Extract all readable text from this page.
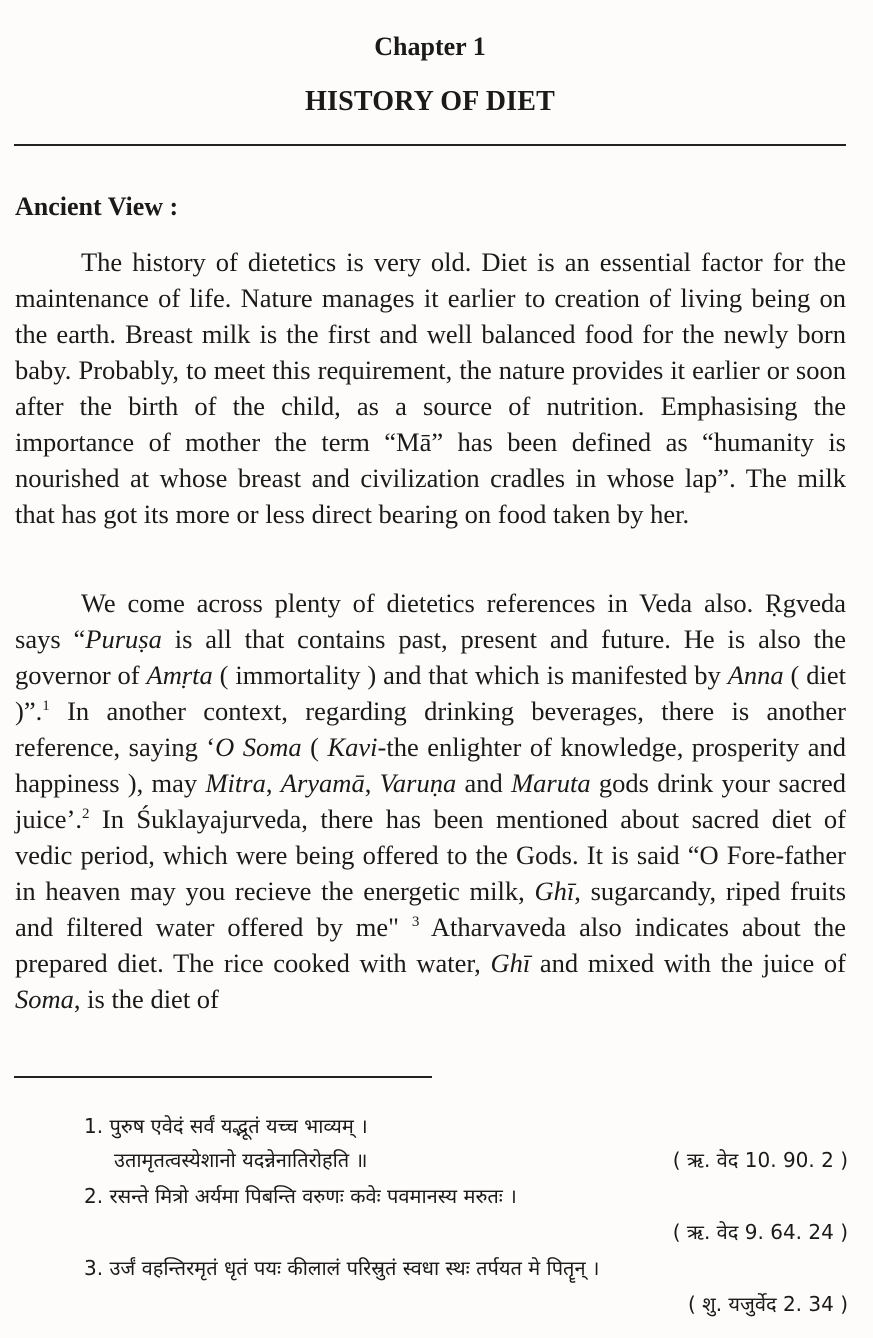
Chapter 1
HISTORY OF DIET
Ancient View :

The history of dietetics is very old. Diet is an essential factor for the maintenance of life. Nature manages it earlier to creation of living being on the earth. Breast milk is the first and well balanced food for the newly born baby. Probably, to meet this requirement, the nature provides it earlier or soon after the birth of the child, as a source of nutrition. Emphasising the importance of mother the term “Mā” has been defined as “humanity is nourished at whose breast and civilization cradles in whose lap”. The milk that has got its more or less direct bearing on food taken by her.

We come across plenty of dietetics references in Veda also. Ṛgveda says “Puruṣa is all that contains past, present and future. He is also the governor of Amṛta ( immortality ) and that which is manifested by Anna ( diet )”.$^1$ In another context, regarding drinking beverages, there is another reference, saying ‘O Soma ( Kavi-the enlighter of knowledge, prosperity and happiness ), may Mitra, Aryamā, Varuṇa and Maruta gods drink your sacred juice’.$^2$ In Śuklayajurveda, there has been mentioned about sacred diet of vedic period, which were being offered to the Gods. It is said “O Fore-father in heaven may you recieve the energetic milk, Ghī, sugarcandy, riped fruits and filtered water offered by me" $^3$ Atharvaveda also indicates about the prepared diet. The rice cooked with water, Ghī and mixed with the juice of Soma, is the diet of

1. पुरुष एवेदं सर्वं यद्भूतं यच्च भाव्यम् ।
उतामृतत्वस्येशानो यदन्नेनातिरोहति ॥	( ऋ. वेद 10. 90. 2 )
2. रसन्ते मित्रो अर्यमा पिबन्ति वरुणः कवेः पवमानस्य मरुतः ।
( ऋ. वेद 9. 64. 24 )
3. उर्जं वहन्तिरमृतं धृतं पयः कीलालं परिस्रुतं स्वधा स्थः तर्पयत मे पितॄन् ।
( शु. यजुर्वेद 2. 34 )
